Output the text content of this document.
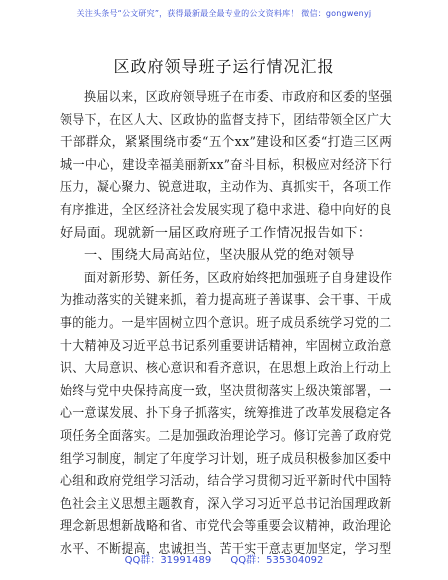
关注头条号“公文研究”，获得最新最全最专业的公文资料库！ 微信：gongwenyj
区政府领导班子运行情况汇报
换届以来，区政府领导班子在市委、市政府和区委的坚强
领导下，在区人大、区政协的监督支持下，团结带领全区广大
干部群众，紧紧围绕市委“五个xx”建设和区委“打造三区两
城一中心，建设幸福美丽新xx”奋斗目标，积极应对经济下行
压力，凝心聚力、锐意进取，主动作为、真抓实干，各项工作
有序推进，全区经济社会发展实现了稳中求进、稳中向好的良
好局面。现就新一届区政府班子工作情况报告如下：
一、围绕大局高站位，坚决服从党的绝对领导
面对新形势、新任务，区政府始终把加强班子自身建设作
为推动落实的关键来抓，着力提高班子善谋事、会干事、干成
事的能力。一是牢固树立四个意识。班子成员系统学习党的二
十大精神及习近平总书记系列重要讲话精神，牢固树立政治意
识、大局意识、核心意识和看齐意识，在思想上政治上行动上
始终与党中央保持高度一致，坚决贯彻落实上级决策部署，一
心一意谋发展、扑下身子抓落实，统筹推进了改革发展稳定各
项任务全面落实。二是加强政治理论学习。修订完善了政府党
组学习制度，制定了年度学习计划，班子成员积极参加区委中
心组和政府党组学习活动，结合学习贯彻习近平新时代中国特
色社会主义思想主题教育，深入学习习近平总书记治国理政新
理念新思想新战略和省、市党代会等重要会议精神，政治理论
水平、不断提高，忠诚担当、苦干实干意志更加坚定，学习型
QQ群：31991489 QQ群：535304092
